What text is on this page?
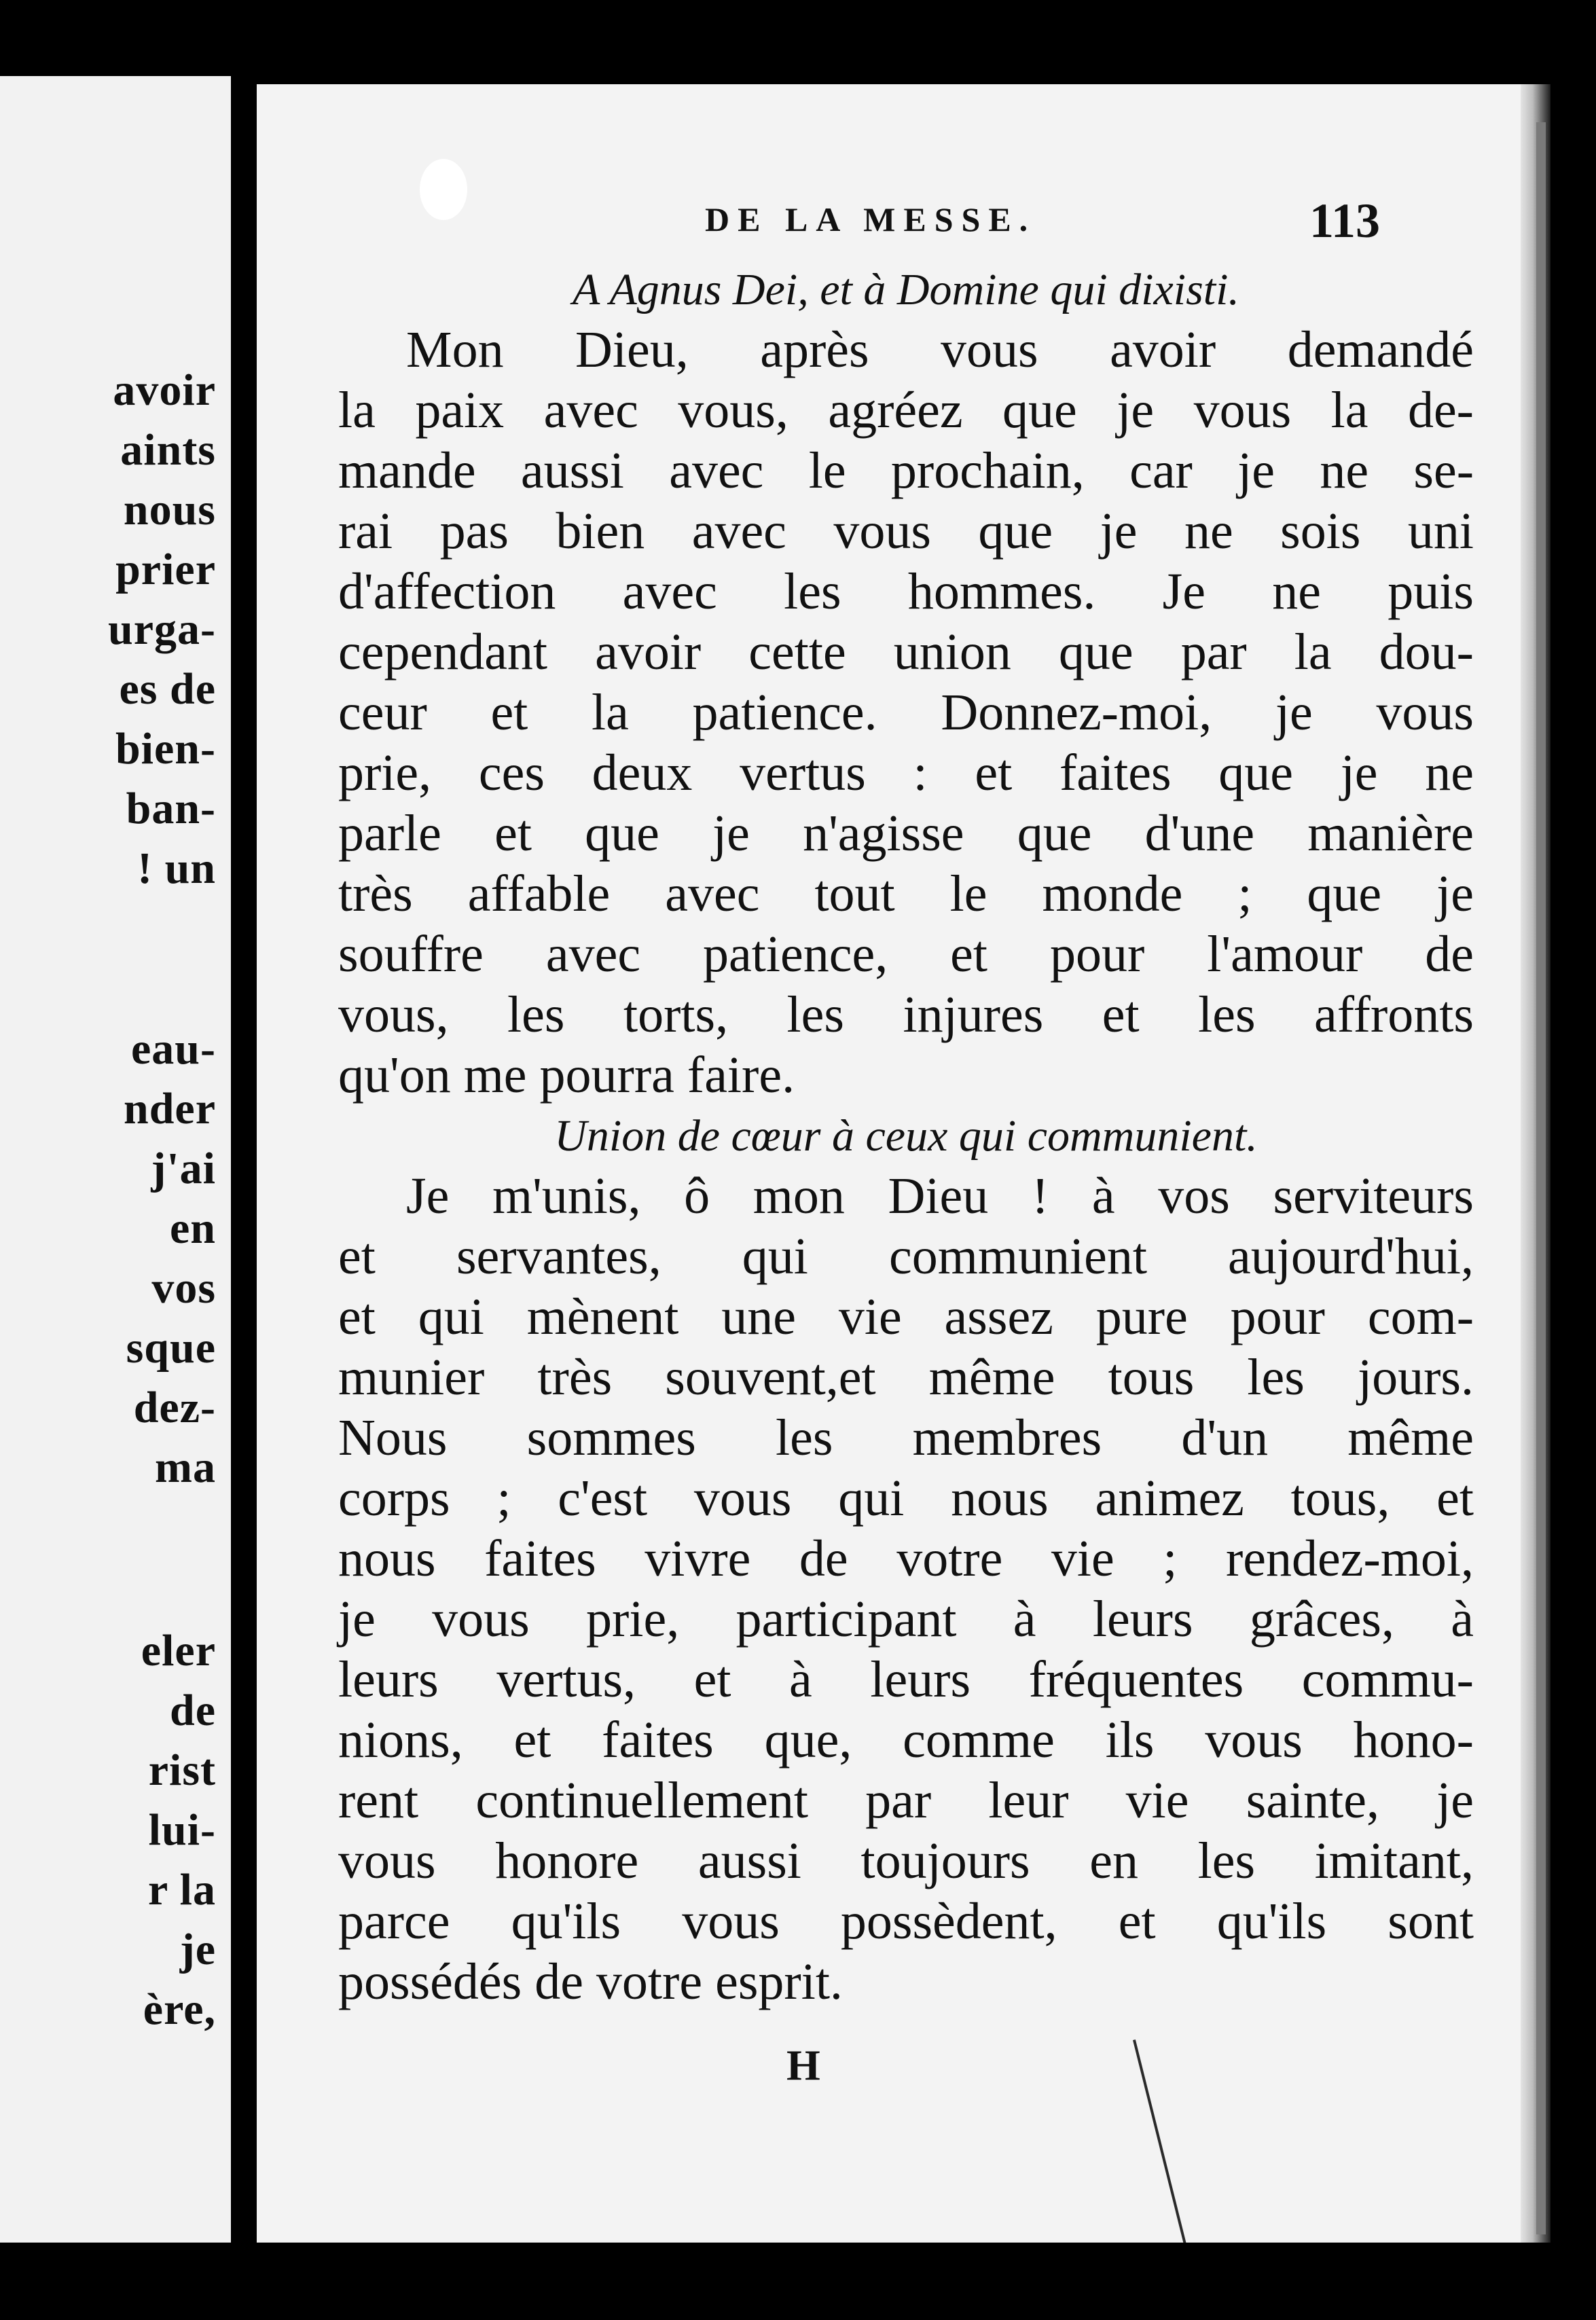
avoir
aints
nous
prier
urga-
es de
bien-
ban-
! un
eau-
nder
j'ai
en
vos
sque
dez-
ma
eler
de
rist
lui-
r la
je
ère,
DE LA MESSE.	113
A Agnus Dei, et à Domine qui dixisti.
Mon Dieu, après vous avoir demandé
la paix avec vous, agréez que je vous la de-
mande aussi avec le prochain, car je ne se-
rai pas bien avec vous que je ne sois uni
d'affection avec les hommes. Je ne puis
cependant avoir cette union que par la dou-
ceur et la patience. Donnez-moi, je vous
prie, ces deux vertus : et faites que je ne
parle et que je n'agisse que d'une manière
très affable avec tout le monde ; que je
souffre avec patience, et pour l'amour de
vous, les torts, les injures et les affronts
qu'on me pourra faire.
Union de cœur à ceux qui communient.
Je m'unis, ô mon Dieu ! à vos serviteurs
et servantes, qui communient aujourd'hui,
et qui mènent une vie assez pure pour com-
munier très souvent,et même tous les jours.
Nous sommes les membres d'un même
corps ; c'est vous qui nous animez tous, et
nous faites vivre de votre vie ; rendez-moi,
je vous prie, participant à leurs grâces, à
leurs vertus, et à leurs fréquentes commu-
nions, et faites que, comme ils vous hono-
rent continuellement par leur vie sainte, je
vous honore aussi toujours en les imitant,
parce qu'ils vous possèdent, et qu'ils sont
possédés de votre esprit.
H
